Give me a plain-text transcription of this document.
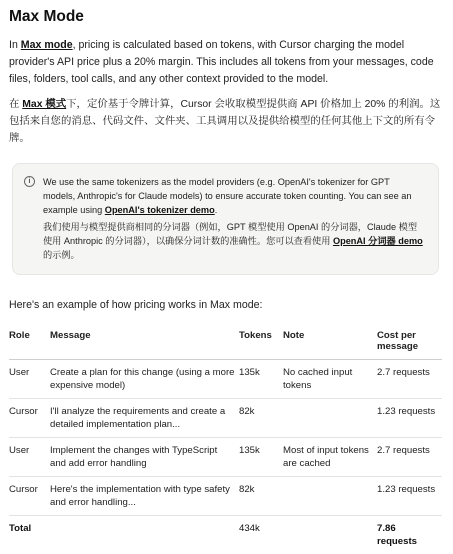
Max Mode

In Max mode, pricing is calculated based on tokens, with Cursor charging the model provider's API price plus a 20% margin. This includes all tokens from your messages, code files, folders, tool calls, and any other context provided to the model.

在 Max 模式下，定价基于令牌计算，Cursor 会收取模型提供商 API 价格加上 20% 的利润。这包括来自您的消息、代码文件、文件夹、工具调用以及提供给模型的任何其他上下文的所有令牌。

i	We use the same tokenizers as the model providers (e.g. OpenAI's tokenizer for GPT models, Anthropic's for Claude models) to ensure accurate token counting. You can see an example using OpenAI's tokenizer demo.

我们使用与模型提供商相同的分词器（例如，GPT 模型使用 OpenAI 的分词器，Claude 模型使用 Anthropic 的分词器），以确保分词计数的准确性。您可以查看使用 OpenAI 分词器 demo 的示例。

Here's an example of how pricing works in Max mode:

Role	Message	Tokens	Note	Cost per message
User	Create a plan for this change (using a more expensive model)	135k	No cached input tokens	2.7 requests
Cursor	I'll analyze the requirements and create a detailed implementation plan...	82k		1.23 requests
User	Implement the changes with TypeScript and add error handling	135k	Most of input tokens are cached	2.7 requests
Cursor	Here's the implementation with type safety and error handling...	82k		1.23 requests
Total		434k		7.86 requests
